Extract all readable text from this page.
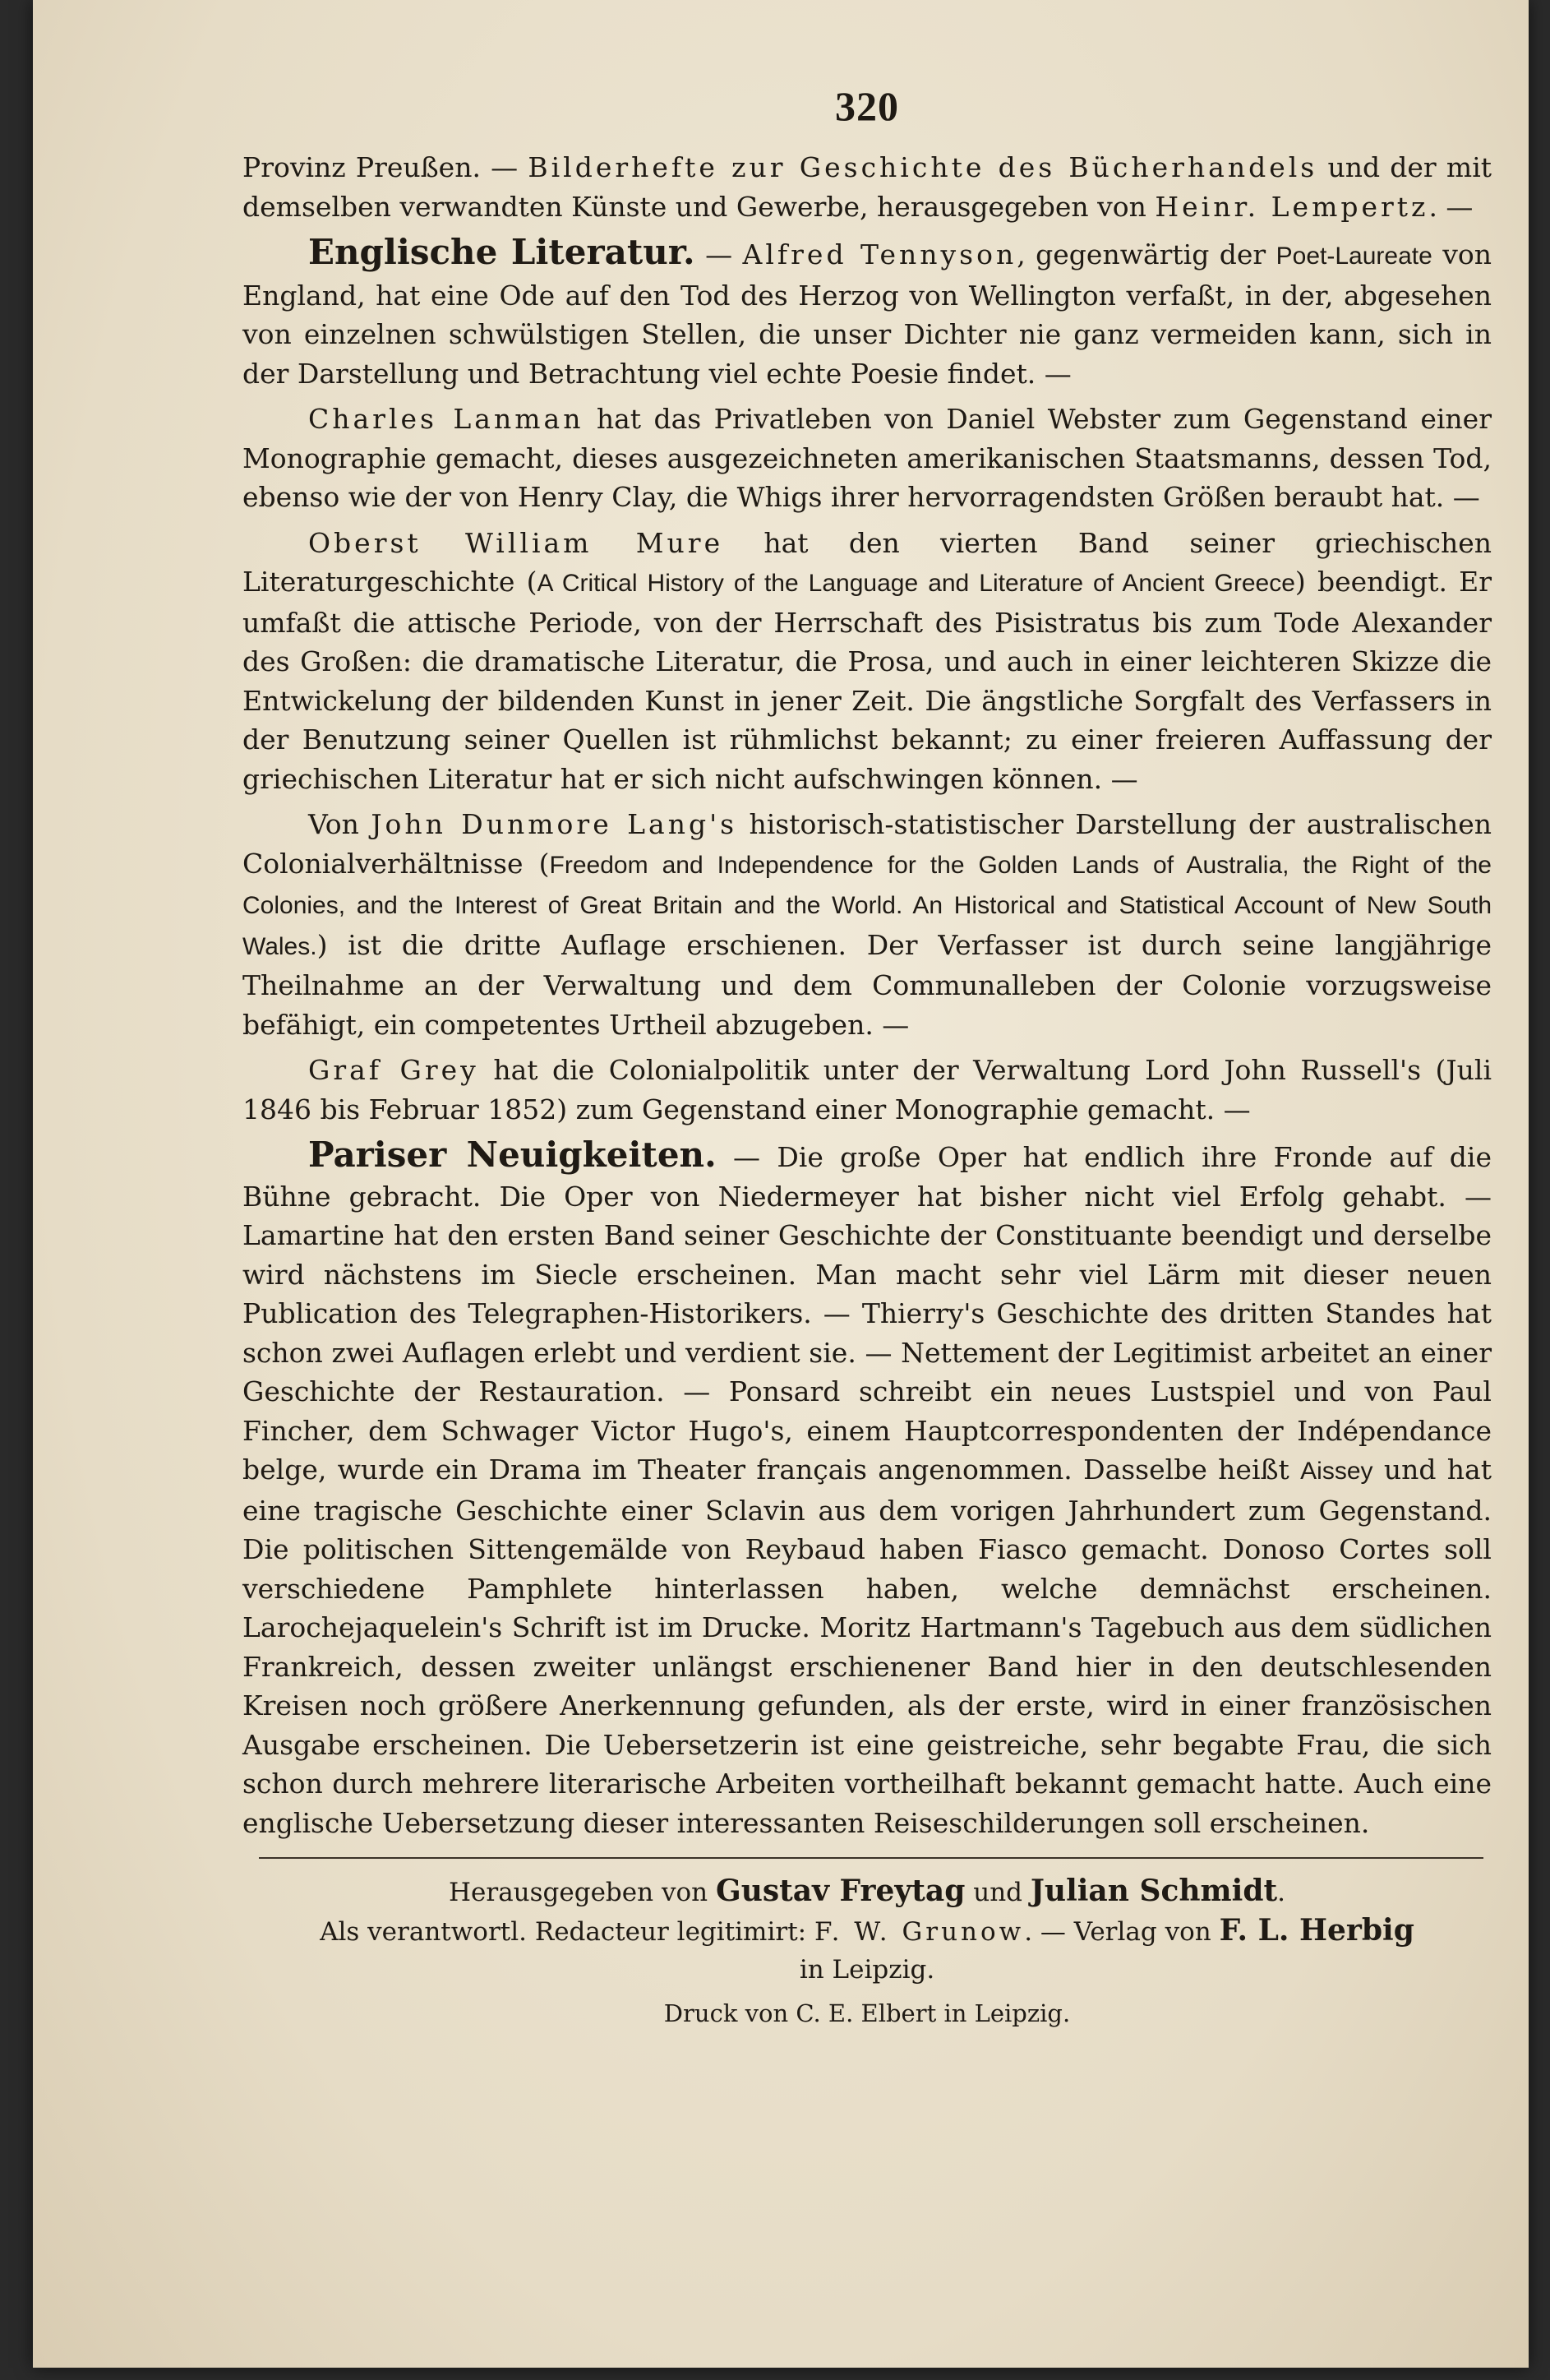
320

Provinz Preußen. — Bilderhefte zur Geschichte des Bücherhandels und der mit demselben verwandten Künste und Gewerbe, herausgegeben von Heinr. Lempertz. —

Englische Literatur. — Alfred Tennyson, gegenwärtig der Poet-Laureate von England, hat eine Ode auf den Tod des Herzog von Wellington verfaßt, in der, abgesehen von einzelnen schwülstigen Stellen, die unser Dichter nie ganz vermeiden kann, sich in der Darstellung und Betrachtung viel echte Poesie findet. —

Charles Lanman hat das Privatleben von Daniel Webster zum Gegenstand einer Monographie gemacht, dieses ausgezeichneten amerikanischen Staatsmanns, dessen Tod, ebenso wie der von Henry Clay, die Whigs ihrer hervorragendsten Größen beraubt hat. —

Oberst William Mure hat den vierten Band seiner griechischen Literaturgeschichte (A Critical History of the Language and Literature of Ancient Greece) beendigt. Er umfaßt die attische Periode, von der Herrschaft des Pisistratus bis zum Tode Alexander des Großen: die dramatische Literatur, die Prosa, und auch in einer leichteren Skizze die Entwickelung der bildenden Kunst in jener Zeit. Die ängstliche Sorgfalt des Verfassers in der Benutzung seiner Quellen ist rühmlichst bekannt; zu einer freieren Auffassung der griechischen Literatur hat er sich nicht aufschwingen können. —

Von John Dunmore Lang's historisch-statistischer Darstellung der australischen Colonialverhältnisse (Freedom and Independence for the Golden Lands of Australia, the Right of the Colonies, and the Interest of Great Britain and the World. An Historical and Statistical Account of New South Wales.) ist die dritte Auflage erschienen. Der Verfasser ist durch seine langjährige Theilnahme an der Verwaltung und dem Communalleben der Colonie vorzugsweise befähigt, ein competentes Urtheil abzugeben. —

Graf Grey hat die Colonialpolitik unter der Verwaltung Lord John Russell's (Juli 1846 bis Februar 1852) zum Gegenstand einer Monographie gemacht. —

Pariser Neuigkeiten. — Die große Oper hat endlich ihre Fronde auf die Bühne gebracht. Die Oper von Niedermeyer hat bisher nicht viel Erfolg gehabt. — Lamartine hat den ersten Band seiner Geschichte der Constituante beendigt und derselbe wird nächstens im Siecle erscheinen. Man macht sehr viel Lärm mit dieser neuen Publication des Telegraphen-Historikers. — Thierry's Geschichte des dritten Standes hat schon zwei Auflagen erlebt und verdient sie. — Nettement der Legitimist arbeitet an einer Geschichte der Restauration. — Ponsard schreibt ein neues Lustspiel und von Paul Fincher, dem Schwager Victor Hugo's, einem Hauptcorrespondenten der Indépendance belge, wurde ein Drama im Theater français angenommen. Dasselbe heißt Aissey und hat eine tragische Geschichte einer Sclavin aus dem vorigen Jahrhundert zum Gegenstand. Die politischen Sittengemälde von Reybaud haben Fiasco gemacht. Donoso Cortes soll verschiedene Pamphlete hinterlassen haben, welche demnächst erscheinen. Larochejaquelein's Schrift ist im Drucke. Moritz Hartmann's Tagebuch aus dem südlichen Frankreich, dessen zweiter unlängst erschienener Band hier in den deutschlesenden Kreisen noch größere Anerkennung gefunden, als der erste, wird in einer französischen Ausgabe erscheinen. Die Uebersetzerin ist eine geistreiche, sehr begabte Frau, die sich schon durch mehrere literarische Arbeiten vortheilhaft bekannt gemacht hatte. Auch eine englische Uebersetzung dieser interessanten Reiseschilderungen soll erscheinen.

Herausgegeben von Gustav Freytag und Julian Schmidt.

Als verantwortl. Redacteur legitimirt: F. W. Grunow. — Verlag von F. L. Herbig

in Leipzig.

Druck von C. E. Elbert in Leipzig.
